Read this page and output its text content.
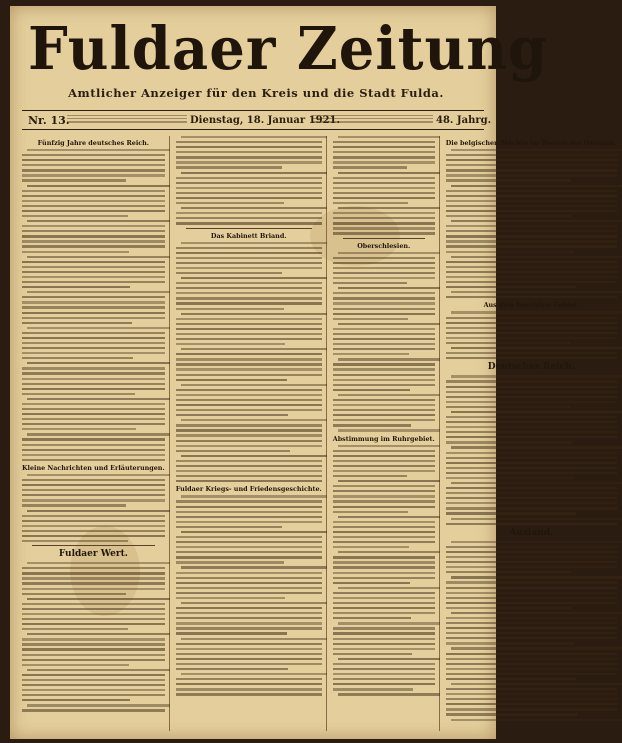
Fuldaer Zeitung
Amtlicher Anzeiger für den Kreis und die Stadt Fulda.
Nr. 13.	Dienstag, 18. Januar 1921.	48. Jahrg.
Fünfzig Jahre deutsches Reich.
Kleine Nachrichten und Erläuterungen.
Fuldaer Wert.
Das Kabinett Briand.
Fuldaer Kriegs- und Friedensgeschichte.
Oberschlesien.
Abstimmung im Ruhrgebiet.
Die belgischen Mächte im Westen der Ostmark.
Aus dem besetzten Gebiet.
Deutsches Reich.
Ausland.
